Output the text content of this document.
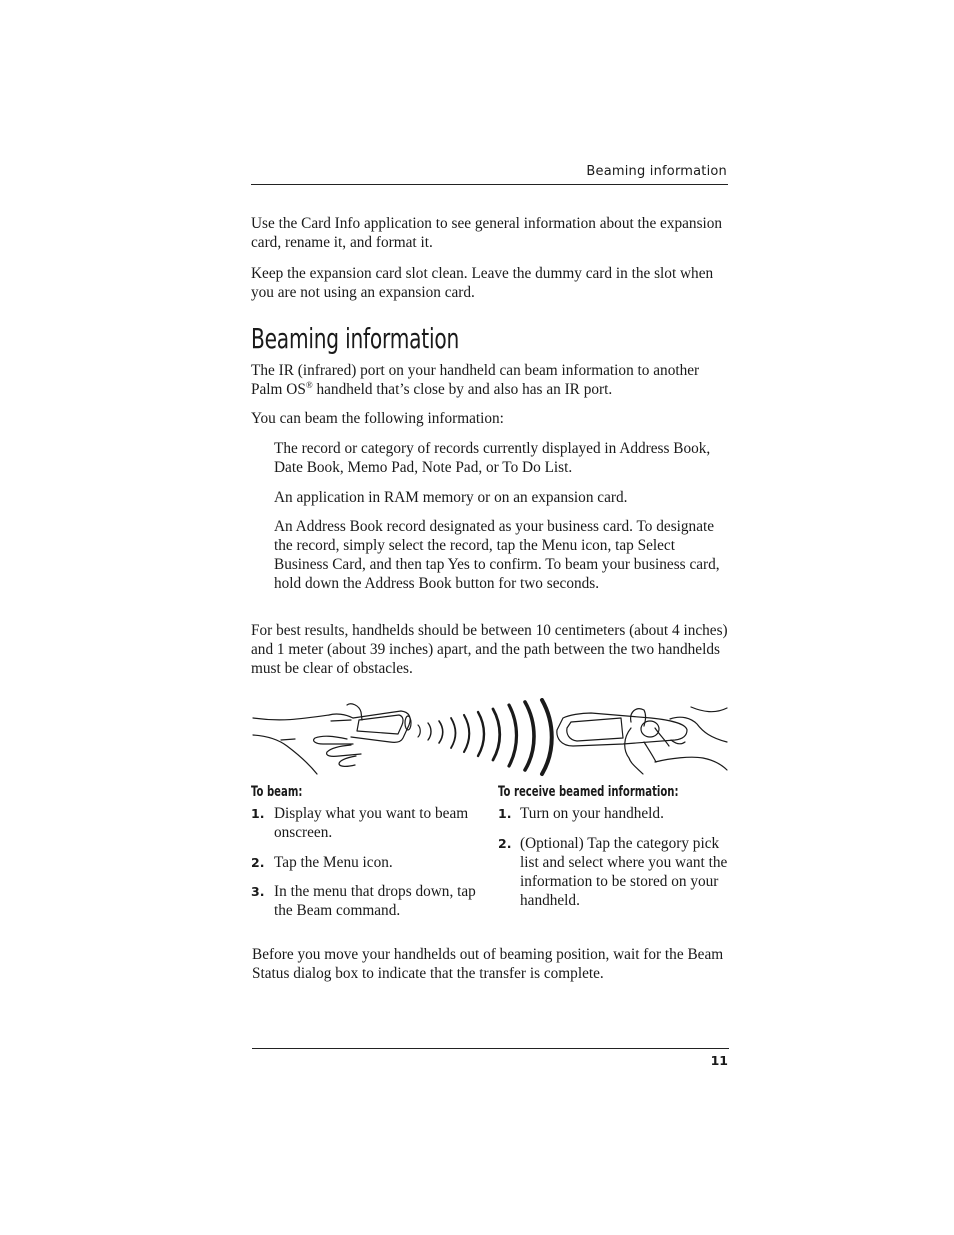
Beaming information

Use the Card Info application to see general information about the expansion card, rename it, and format it.

Keep the expansion card slot clean. Leave the dummy card in the slot when you are not using an expansion card.

Beaming information

The IR (infrared) port on your handheld can beam information to another Palm OS® handheld that’s close by and also has an IR port.

You can beam the following information:

The record or category of records currently displayed in Address Book, Date Book, Memo Pad, Note Pad, or To Do List.

An application in RAM memory or on an expansion card.

An Address Book record designated as your business card. To designate the record, simply select the record, tap the Menu icon, tap Select Business Card, and then tap Yes to confirm. To beam your business card, hold down the Address Book button for two seconds.

For best results, handhelds should be between 10 centimeters (about 4 inches) and 1 meter (about 39 inches) apart, and the path between the two handhelds must be clear of obstacles.

To beam:
1. Display what you want to beam onscreen.

2. Tap the Menu icon.

3. In the menu that drops down, tap the Beam command.

To receive beamed information:
1. Turn on your handheld.

2. (Optional) Tap the category pick list and select where you want the information to be stored on your handheld.

Before you move your handhelds out of beaming position, wait for the Beam Status dialog box to indicate that the transfer is complete.

11
